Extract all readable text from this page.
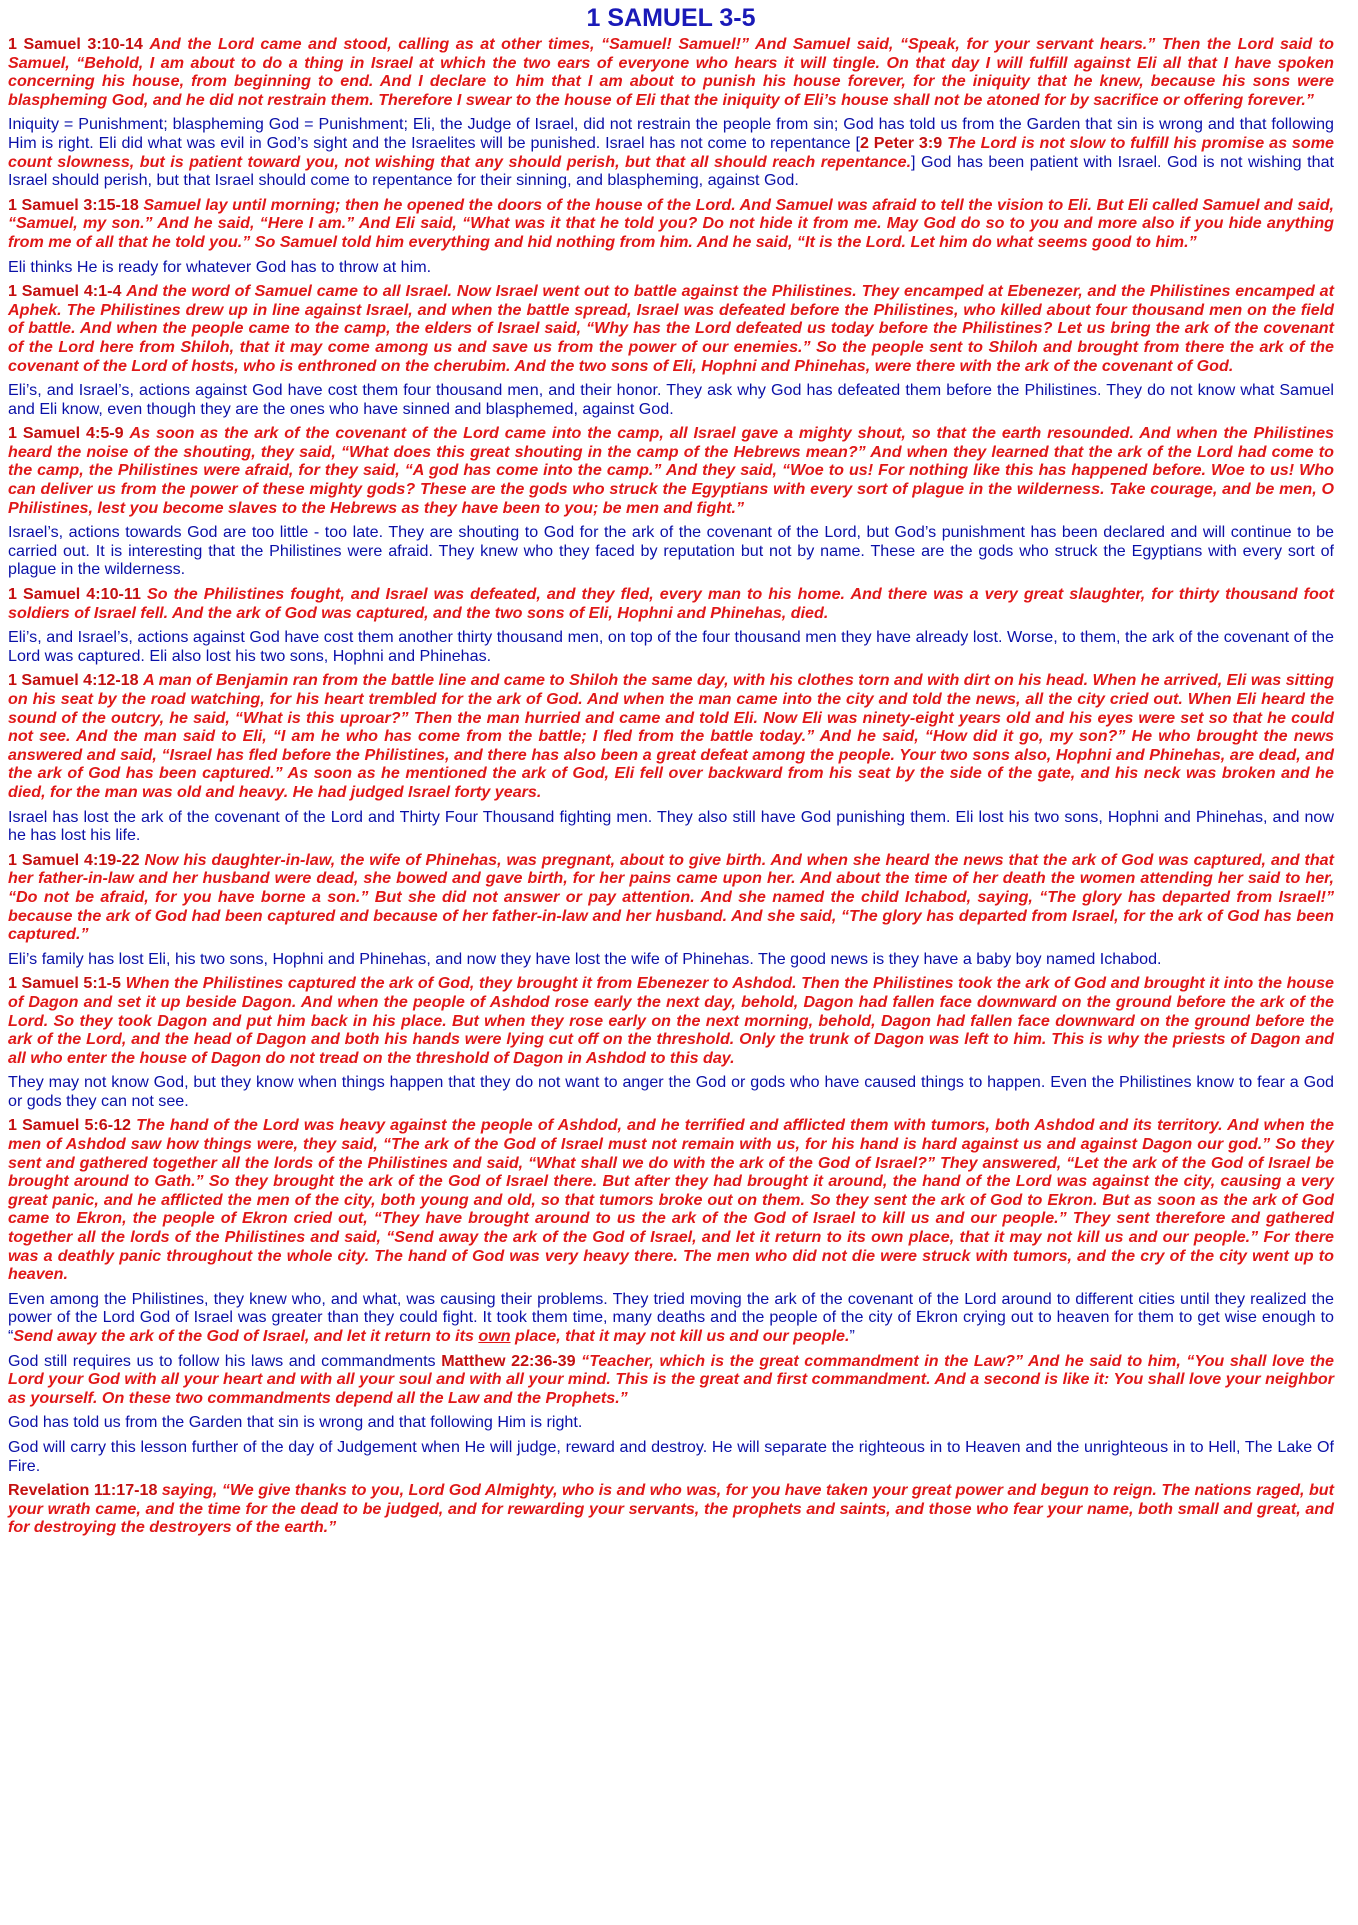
1 SAMUEL 3-5

1 Samuel 3:10-14 And the Lord came and stood, calling as at other times, “Samuel! Samuel!” And Samuel said, “Speak, for your servant hears.” Then the Lord said to Samuel, “Behold, I am about to do a thing in Israel at which the two ears of everyone who hears it will tingle. On that day I will fulfill against Eli all that I have spoken concerning his house, from beginning to end. And I declare to him that I am about to punish his house forever, for the iniquity that he knew, because his sons were blaspheming God, and he did not restrain them. Therefore I swear to the house of Eli that the iniquity of Eli’s house shall not be atoned for by sacrifice or offering forever.”

Iniquity = Punishment; blaspheming God = Punishment; Eli, the Judge of Israel, did not restrain the people from sin; God has told us from the Garden that sin is wrong and that following Him is right. Eli did what was evil in God’s sight and the Israelites will be punished. Israel has not come to repentance [2 Peter 3:9 The Lord is not slow to fulfill his promise as some count slowness, but is patient toward you, not wishing that any should perish, but that all should reach repentance.] God has been patient with Israel. God is not wishing that Israel should perish, but that Israel should come to repentance for their sinning, and blaspheming, against God.

1 Samuel 3:15-18 Samuel lay until morning; then he opened the doors of the house of the Lord. And Samuel was afraid to tell the vision to Eli. But Eli called Samuel and said, “Samuel, my son.” And he said, “Here I am.” And Eli said, “What was it that he told you? Do not hide it from me. May God do so to you and more also if you hide anything from me of all that he told you.” So Samuel told him everything and hid nothing from him. And he said, “It is the Lord. Let him do what seems good to him.”

Eli thinks He is ready for whatever God has to throw at him.

1 Samuel 4:1-4 And the word of Samuel came to all Israel. Now Israel went out to battle against the Philistines. They encamped at Ebenezer, and the Philistines encamped at Aphek. The Philistines drew up in line against Israel, and when the battle spread, Israel was defeated before the Philistines, who killed about four thousand men on the field of battle. And when the people came to the camp, the elders of Israel said, “Why has the Lord defeated us today before the Philistines? Let us bring the ark of the covenant of the Lord here from Shiloh, that it may come among us and save us from the power of our enemies.” So the people sent to Shiloh and brought from there the ark of the covenant of the Lord of hosts, who is enthroned on the cherubim. And the two sons of Eli, Hophni and Phinehas, were there with the ark of the covenant of God.

Eli’s, and Israel’s, actions against God have cost them four thousand men, and their honor. They ask why God has defeated them before the Philistines. They do not know what Samuel and Eli know, even though they are the ones who have sinned and blasphemed, against God.

1 Samuel 4:5-9 As soon as the ark of the covenant of the Lord came into the camp, all Israel gave a mighty shout, so that the earth resounded. And when the Philistines heard the noise of the shouting, they said, “What does this great shouting in the camp of the Hebrews mean?” And when they learned that the ark of the Lord had come to the camp, the Philistines were afraid, for they said, “A god has come into the camp.” And they said, “Woe to us! For nothing like this has happened before. Woe to us! Who can deliver us from the power of these mighty gods? These are the gods who struck the Egyptians with every sort of plague in the wilderness. Take courage, and be men, O Philistines, lest you become slaves to the Hebrews as they have been to you; be men and fight.”

Israel’s, actions towards God are too little - too late. They are shouting to God for the ark of the covenant of the Lord, but God’s punishment has been declared and will continue to be carried out. It is interesting that the Philistines were afraid. They knew who they faced by reputation but not by name. These are the gods who struck the Egyptians with every sort of plague in the wilderness.

1 Samuel 4:10-11 So the Philistines fought, and Israel was defeated, and they fled, every man to his home. And there was a very great slaughter, for thirty thousand foot soldiers of Israel fell. And the ark of God was captured, and the two sons of Eli, Hophni and Phinehas, died.

Eli’s, and Israel’s, actions against God have cost them another thirty thousand men, on top of the four thousand men they have already lost. Worse, to them, the ark of the covenant of the Lord was captured. Eli also lost his two sons, Hophni and Phinehas.

1 Samuel 4:12-18 A man of Benjamin ran from the battle line and came to Shiloh the same day, with his clothes torn and with dirt on his head. When he arrived, Eli was sitting on his seat by the road watching, for his heart trembled for the ark of God. And when the man came into the city and told the news, all the city cried out. When Eli heard the sound of the outcry, he said, “What is this uproar?” Then the man hurried and came and told Eli. Now Eli was ninety-eight years old and his eyes were set so that he could not see. And the man said to Eli, “I am he who has come from the battle; I fled from the battle today.” And he said, “How did it go, my son?” He who brought the news answered and said, “Israel has fled before the Philistines, and there has also been a great defeat among the people. Your two sons also, Hophni and Phinehas, are dead, and the ark of God has been captured.” As soon as he mentioned the ark of God, Eli fell over backward from his seat by the side of the gate, and his neck was broken and he died, for the man was old and heavy. He had judged Israel forty years.

Israel has lost the ark of the covenant of the Lord and Thirty Four Thousand fighting men. They also still have God punishing them. Eli lost his two sons, Hophni and Phinehas, and now he has lost his life.

1 Samuel 4:19-22 Now his daughter-in-law, the wife of Phinehas, was pregnant, about to give birth. And when she heard the news that the ark of God was captured, and that her father-in-law and her husband were dead, she bowed and gave birth, for her pains came upon her. And about the time of her death the women attending her said to her, “Do not be afraid, for you have borne a son.” But she did not answer or pay attention. And she named the child Ichabod, saying, “The glory has departed from Israel!” because the ark of God had been captured and because of her father-in-law and her husband. And she said, “The glory has departed from Israel, for the ark of God has been captured.”

Eli’s family has lost Eli, his two sons, Hophni and Phinehas, and now they have lost the wife of Phinehas. The good news is they have a baby boy named Ichabod.

1 Samuel 5:1-5 When the Philistines captured the ark of God, they brought it from Ebenezer to Ashdod. Then the Philistines took the ark of God and brought it into the house of Dagon and set it up beside Dagon. And when the people of Ashdod rose early the next day, behold, Dagon had fallen face downward on the ground before the ark of the Lord. So they took Dagon and put him back in his place. But when they rose early on the next morning, behold, Dagon had fallen face downward on the ground before the ark of the Lord, and the head of Dagon and both his hands were lying cut off on the threshold. Only the trunk of Dagon was left to him. This is why the priests of Dagon and all who enter the house of Dagon do not tread on the threshold of Dagon in Ashdod to this day.

They may not know God, but they know when things happen that they do not want to anger the God or gods who have caused things to happen. Even the Philistines know to fear a God or gods they can not see.

1 Samuel 5:6-12 The hand of the Lord was heavy against the people of Ashdod, and he terrified and afflicted them with tumors, both Ashdod and its territory. And when the men of Ashdod saw how things were, they said, “The ark of the God of Israel must not remain with us, for his hand is hard against us and against Dagon our god.” So they sent and gathered together all the lords of the Philistines and said, “What shall we do with the ark of the God of Israel?” They answered, “Let the ark of the God of Israel be brought around to Gath.” So they brought the ark of the God of Israel there. But after they had brought it around, the hand of the Lord was against the city, causing a very great panic, and he afflicted the men of the city, both young and old, so that tumors broke out on them. So they sent the ark of God to Ekron. But as soon as the ark of God came to Ekron, the people of Ekron cried out, “They have brought around to us the ark of the God of Israel to kill us and our people.” They sent therefore and gathered together all the lords of the Philistines and said, “Send away the ark of the God of Israel, and let it return to its own place, that it may not kill us and our people.” For there was a deathly panic throughout the whole city. The hand of God was very heavy there. The men who did not die were struck with tumors, and the cry of the city went up to heaven.

Even among the Philistines, they knew who, and what, was causing their problems. They tried moving the ark of the covenant of the Lord around to different cities until they realized the power of the Lord God of Israel was greater than they could fight. It took them time, many deaths and the people of the city of Ekron crying out to heaven for them to get wise enough to “Send away the ark of the God of Israel, and let it return to its own place, that it may not kill us and our people.”

God still requires us to follow his laws and commandments Matthew 22:36-39 “Teacher, which is the great commandment in the Law?” And he said to him, “You shall love the Lord your God with all your heart and with all your soul and with all your mind. This is the great and first commandment. And a second is like it: You shall love your neighbor as yourself. On these two commandments depend all the Law and the Prophets.”

God has told us from the Garden that sin is wrong and that following Him is right.

God will carry this lesson further of the day of Judgement when He will judge, reward and destroy. He will separate the righteous in to Heaven and the unrighteous in to Hell, The Lake Of Fire.

Revelation 11:17-18 saying, “We give thanks to you, Lord God Almighty, who is and who was, for you have taken your great power and begun to reign. The nations raged, but your wrath came, and the time for the dead to be judged, and for rewarding your servants, the prophets and saints, and those who fear your name, both small and great, and for destroying the destroyers of the earth.”
